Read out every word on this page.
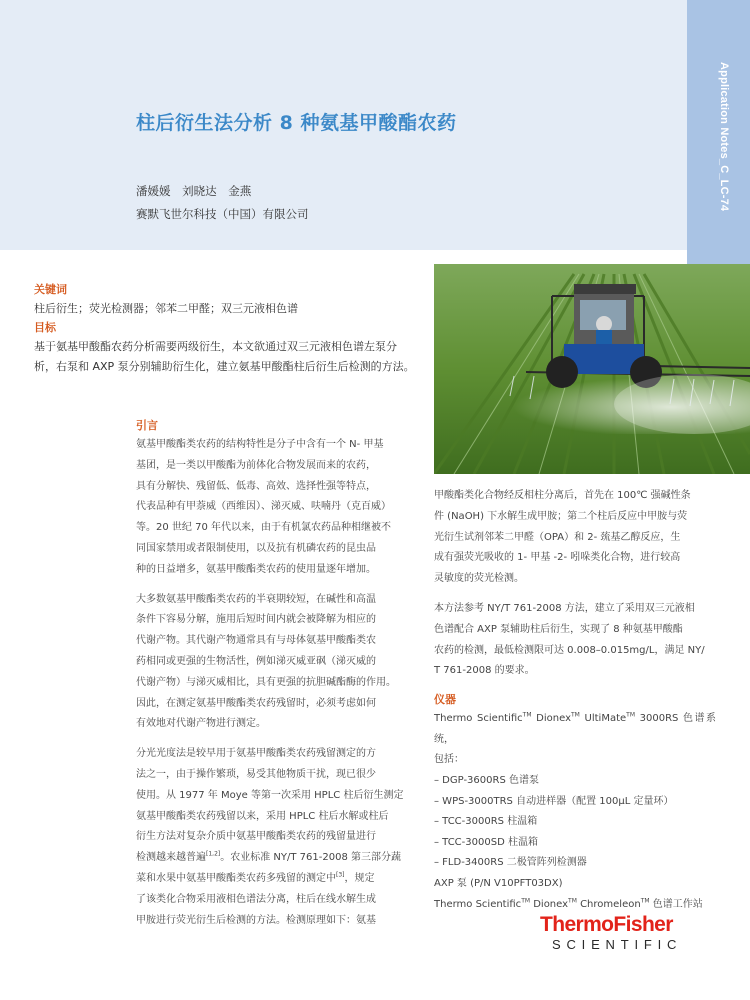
Application Notes_C_LC-74
柱后衍生法分析 8 种氨基甲酸酯农药
潘媛媛 刘晓达 金燕
赛默飞世尔科技（中国）有限公司
关键词
柱后衍生；荧光检测器；邻苯二甲醛；双三元液相色谱
目标
基于氨基甲酸酯农药分析需要两级衍生，本文欲通过双三元液相色谱左泵分
析，右泵和 AXP 泵分别辅助衍生化，建立氨基甲酸酯柱后衍生后检测的方法。
引言
氨基甲酸酯类农药的结构特性是分子中含有一个 N- 甲基
基团，是一类以甲酸酯为前体化合物发展而来的农药，
具有分解快、残留低、低毒、高效、选择性强等特点，
代表品种有甲萘威（西维因）、涕灭威、呋喃丹（克百威）
等。20 世纪 70 年代以来，由于有机氯农药品种相继被不
同国家禁用或者限制使用，以及抗有机磷农药的昆虫品
种的日益增多，氨基甲酸酯类农药的使用量逐年增加。
大多数氨基甲酸酯类农药的半衰期较短，在碱性和高温
条件下容易分解，施用后短时间内就会被降解为相应的
代谢产物。其代谢产物通常具有与母体氨基甲酸酯类农
药相同或更强的生物活性，例如涕灭威亚砜（涕灭威的
代谢产物）与涕灭威相比，具有更强的抗胆碱酯酶的作用。
因此，在测定氨基甲酸酯类农药残留时，必须考虑如何
有效地对代谢产物进行测定。
分光光度法是较早用于氨基甲酸酯类农药残留测定的方
法之一，由于操作繁琐，易受其他物质干扰，现已很少
使用。从 1977 年 Moye 等第一次采用 HPLC 柱后衍生测定
氨基甲酸酯类农药残留以来，采用 HPLC 柱后水解或柱后
衍生方法对复杂介质中氨基甲酸酯类农药的残留量进行
检测越来越普遍[1,2]。农业标准 NY/T 761-2008 第三部分蔬
菜和水果中氨基甲酸酯类农药多残留的测定中[3]，规定
了该类化合物采用液相色谱法分离，柱后在线水解生成
甲胺进行荧光衍生后检测的方法。检测原理如下：氨基
甲酸酯类化合物经反相柱分离后，首先在 100℃ 强碱性条
件 (NaOH) 下水解生成甲胺；第二个柱后反应中甲胺与荧
光衍生试剂邻苯二甲醛（OPA）和 2- 巯基乙醇反应，生
成有强荧光吸收的 1- 甲基 -2- 吲哚类化合物，进行较高
灵敏度的荧光检测。
本方法参考 NY/T 761-2008 方法，建立了采用双三元液相
色谱配合 AXP 泵辅助柱后衍生，实现了 8 种氨基甲酸酯
农药的检测，最低检测限可达 0.008–0.015mg/L，满足 NY/
T 761-2008 的要求。
仪器
Thermo Scientific™ Dionex™ UltiMate™ 3000RS 色谱系统，
包括：
– DGP-3600RS 色谱泵
– WPS-3000TRS 自动进样器（配置 100μL 定量环）
– TCC-3000RS 柱温箱
– TCC-3000SD 柱温箱
– FLD-3400RS 二极管阵列检测器
AXP 泵 (P/N V10PFT03DX)
Thermo Scientific™ Dionex™ Chromeleon™ 色谱工作站
ThermoFisher
SCIENTIFIC
